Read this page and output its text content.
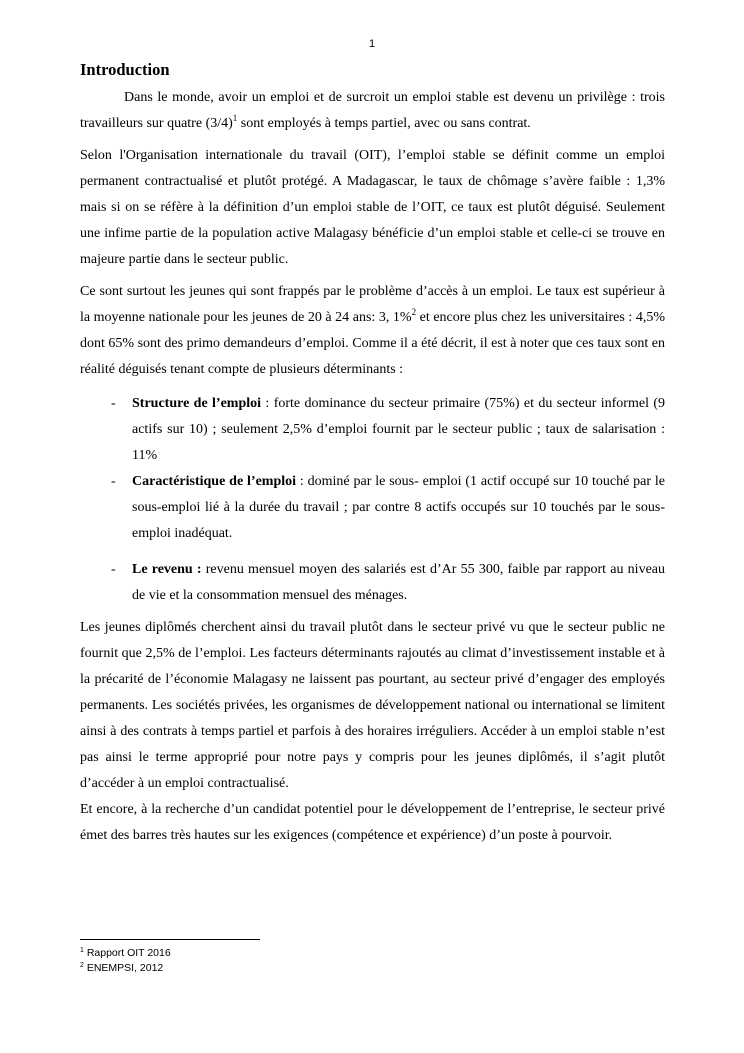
1
Introduction

Dans le monde, avoir un emploi et de surcroit un emploi stable est devenu un privilège : trois travailleurs sur quatre $(3/4)^1$ sont employés à temps partiel, avec ou sans contrat.

Selon l'Organisation internationale du travail (OIT), l’emploi stable se définit comme un emploi permanent contractualisé et plutôt protégé. A Madagascar, le taux de chômage s’avère faible : 1,3% mais si on se réfère à la définition d’un emploi stable de l’OIT, ce taux est plutôt déguisé. Seulement une infime partie de la population active Malagasy bénéficie d’un emploi stable et celle-ci se trouve en majeure partie dans le secteur public.

Ce sont surtout les jeunes qui sont frappés par le problème d’accès à un emploi. Le taux est supérieur à la moyenne nationale pour les jeunes de 20 à 24 ans: 3, 1%$^2$ et encore plus chez les universitaires : 4,5% dont 65% sont des primo demandeurs d’emploi. Comme il a été décrit, il est à noter que ces taux sont en réalité déguisés tenant compte de plusieurs déterminants :

- Structure de l’emploi : forte dominance du secteur primaire (75%) et du secteur informel (9 actifs sur 10) ; seulement 2,5% d’emploi fournit par le secteur public ; taux de salarisation : 11%
- Caractéristique de l’emploi : dominé par le sous- emploi (1 actif occupé sur 10 touché par le sous-emploi lié à la durée du travail ; par contre 8 actifs occupés sur 10 touchés par le sous-emploi inadéquat.
- Le revenu : revenu mensuel moyen des salariés est d’Ar 55 300, faible par rapport au niveau de vie et la consommation mensuel des ménages.

Les jeunes diplômés cherchent ainsi du travail plutôt dans le secteur privé vu que le secteur public ne fournit que 2,5% de l’emploi. Les facteurs déterminants rajoutés au climat d’investissement instable et à la précarité de l’économie Malagasy ne laissent pas pourtant, au secteur privé d’engager des employés permanents. Les sociétés privées, les organismes de développement national ou international se limitent ainsi à des contrats à temps partiel et parfois à des horaires irréguliers. Accéder à un emploi stable n’est pas ainsi le terme approprié pour notre pays y compris pour les jeunes diplômés, il s’agit plutôt d’accéder à un emploi contractualisé.

Et encore, à la recherche d’un candidat potentiel pour le développement de l’entreprise, le secteur privé émet des barres très hautes sur les exigences (compétence et expérience) d’un poste à pourvoir.

$^1$ Rapport OIT 2016
$^2$ ENEMPSI, 2012
